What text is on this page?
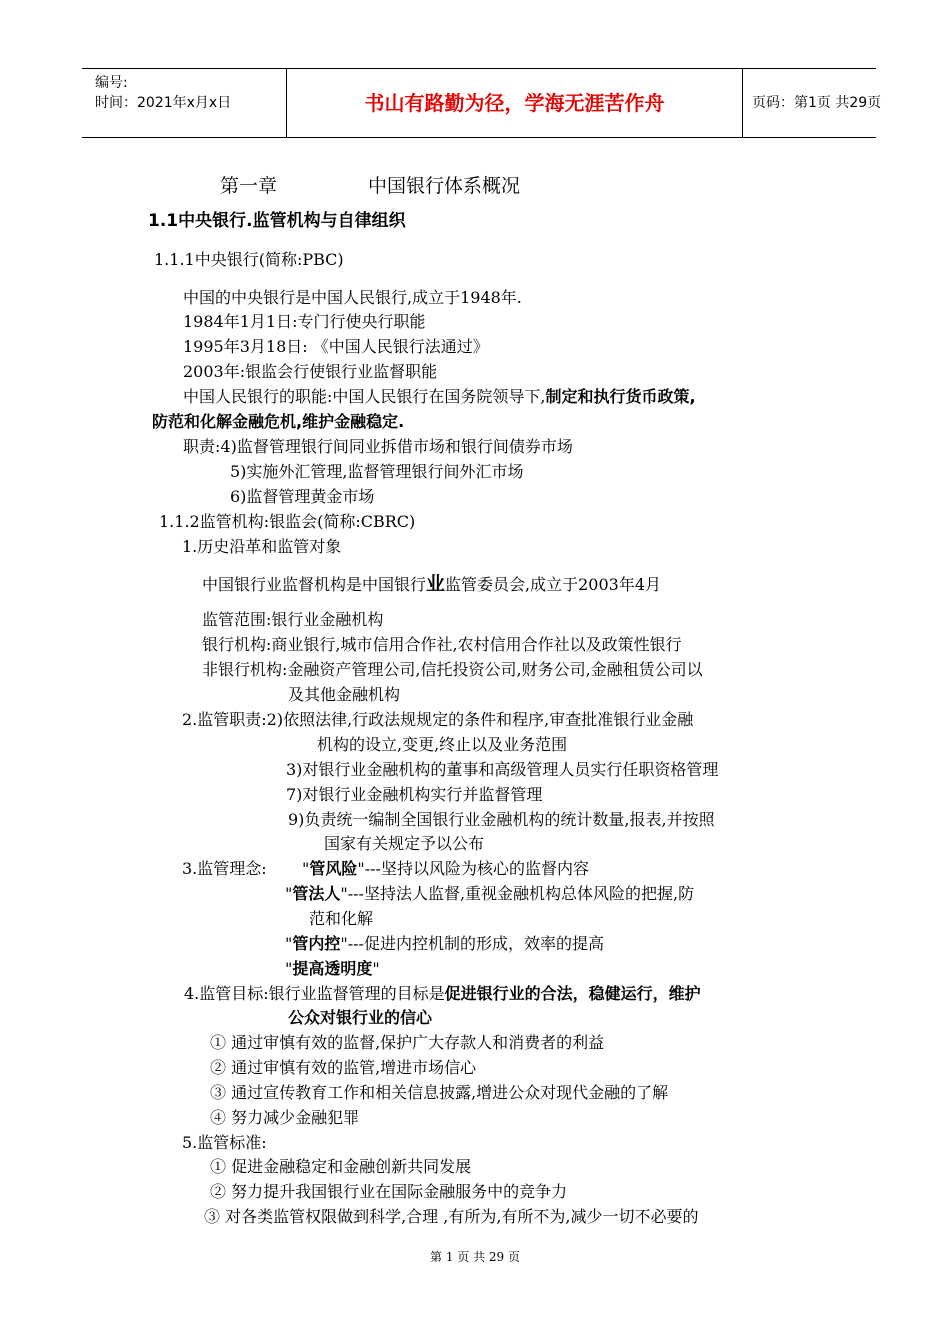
编号:
时间：2021年x月x日	书山有路勤为径，学海无涯苦作舟	页码：第1页 共29页
第一章	中国银行体系概况
1.1中央银行.监管机构与自律组织
1.1.1中央银行(简称:PBC)
中国的中央银行是中国人民银行,成立于1948年.
1984年1月1日:专门行使央行职能
1995年3月18日: 《中国人民银行法通过》
2003年:银监会行使银行业监督职能
中国人民银行的职能:中国人民银行在国务院领导下,制定和执行货币政策,
防范和化解金融危机,维护金融稳定.
职责:4)监督管理银行间同业拆借市场和银行间债券市场
5)实施外汇管理,监督管理银行间外汇市场
6)监督管理黄金市场
1.1.2监管机构:银监会(简称:CBRC)
1.历史沿革和监管对象
中国银行业监督机构是中国银行业监管委员会,成立于2003年4月
监管范围:银行业金融机构
银行机构:商业银行,城市信用合作社,农村信用合作社以及政策性银行
非银行机构:金融资产管理公司,信托投资公司,财务公司,金融租赁公司以
及其他金融机构
2.监管职责:2)依照法律,行政法规规定的条件和程序,审查批准银行业金融
机构的设立,变更,终止以及业务范围
3)对银行业金融机构的董事和高级管理人员实行任职资格管理
7)对银行业金融机构实行并监督管理
9)负责统一编制全国银行业金融机构的统计数量,报表,并按照
国家有关规定予以公布
3.监管理念: "管风险"---坚持以风险为核心的监督内容
"管法人"---坚持法人监督,重视金融机构总体风险的把握,防
范和化解
"管内控"---促进内控机制的形成，效率的提高
"提高透明度"
4.监管目标:银行业监督管理的目标是促进银行业的合法，稳健运行，维护
公众对银行业的信心
① 通过审慎有效的监督,保护广大存款人和消费者的利益
② 通过审慎有效的监管,增进市场信心
③ 通过宣传教育工作和相关信息披露,增进公众对现代金融的了解
④ 努力减少金融犯罪
5.监管标准:
① 促进金融稳定和金融创新共同发展
② 努力提升我国银行业在国际金融服务中的竞争力
③ 对各类监管权限做到科学,合理 ,有所为,有所不为,减少一切不必要的
第 1 页 共 29 页
